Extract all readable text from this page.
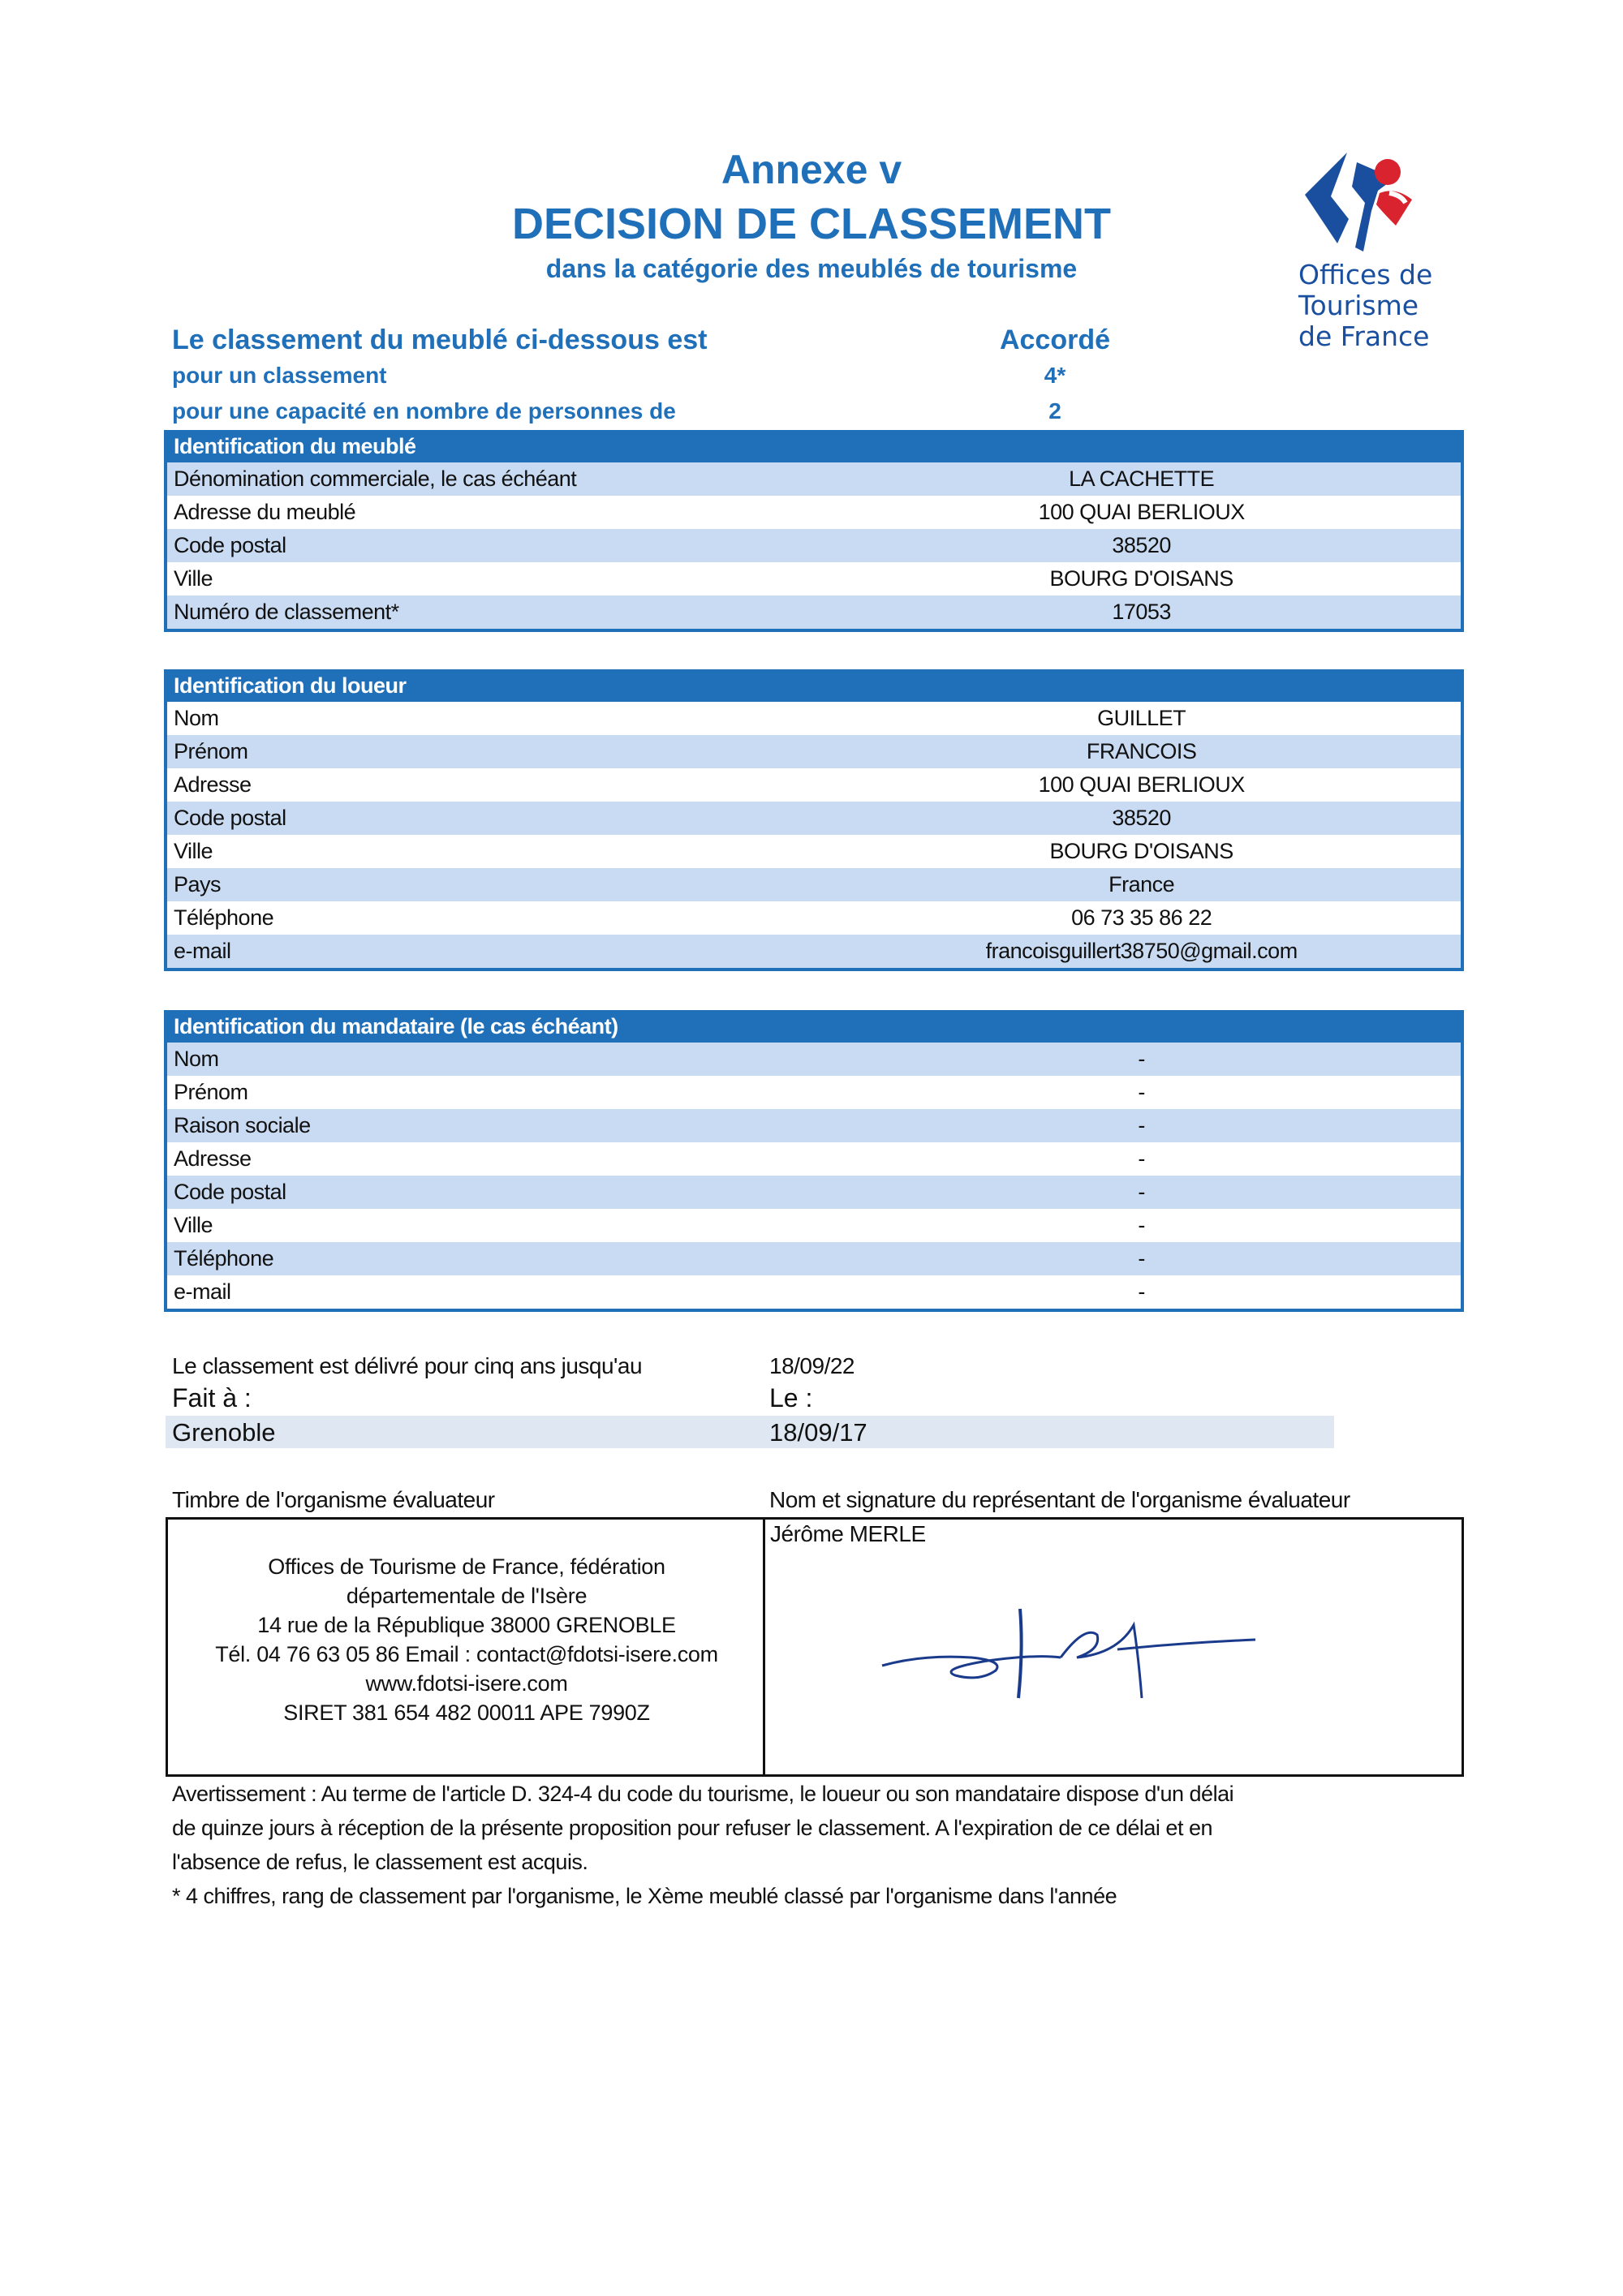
Annexe v
DECISION DE CLASSEMENT
dans la catégorie des meublés de tourisme	Offices de
Tourisme
de France
Le classement du meublé ci-dessous est	Accordé
pour un classement	4*
pour une capacité en nombre de personnes de	2
Identification du meublé
Dénomination commerciale, le cas échéant	LA CACHETTE
Adresse du meublé	100 QUAI BERLIOUX
Code postal	38520
Ville	BOURG D'OISANS
Numéro de classement*	17053
Identification du loueur
Nom	GUILLET
Prénom	FRANCOIS
Adresse	100 QUAI BERLIOUX
Code postal	38520
Ville	BOURG D'OISANS
Pays	France
Téléphone	06 73 35 86 22
e-mail	francoisguillert38750@gmail.com
Identification du mandataire (le cas échéant)
Nom	-
Prénom	-
Raison sociale	-
Adresse	-
Code postal	-
Ville	-
Téléphone	-
e-mail	-
Le classement est délivré pour cinq ans jusqu'au	18/09/22
Fait à :	Le :
Grenoble	18/09/17
Timbre de l'organisme évaluateur	Nom et signature du représentant de l'organisme évaluateur
Offices de Tourisme de France, fédération
départementale de l'Isère
14 rue de la République 38000 GRENOBLE
Tél. 04 76 63 05 86 Email : contact@fdotsi-isere.com
www.fdotsi-isere.com
SIRET 381 654 482 00011 APE 7990Z
Jérôme MERLE
Avertissement : Au terme de l'article D. 324-4 du code du tourisme, le loueur ou son mandataire dispose d'un délai
de quinze jours à réception de la présente proposition pour refuser le classement. A l'expiration de ce délai et en
l'absence de refus, le classement est acquis.
* 4 chiffres, rang de classement par l'organisme, le Xème meublé classé par l'organisme dans l'année
